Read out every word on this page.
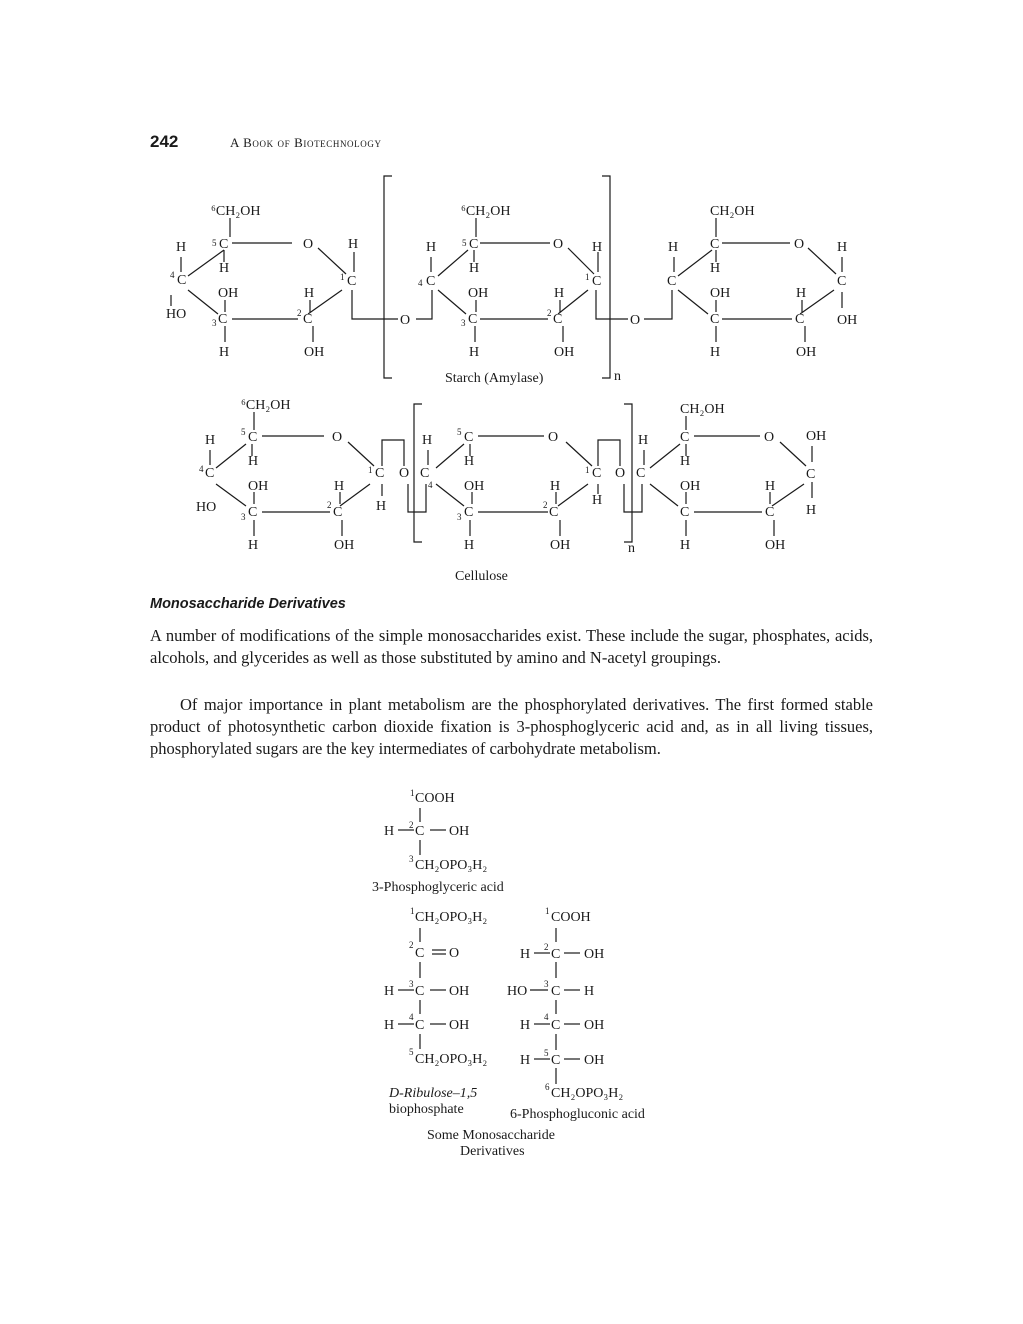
242	A Book of Biotechnology
⁶CH₂OH
H	5 C	O H
H
4 C	1 C
OH	H
HO
3 C	2 C
H	OH
O
⁶CH₂OH
H	5 C	O H
H
4 C	1 C
OH	H
3 C	2 C
H	OH
O
CH₂OH
H C	O H
H
C	C
OH	H
C	C OH
H	OH
n
Starch (Amylase)
⁶CH₂OH
H
5 C	O
H
4 C	1 C O C
OH	H
H
HO
3 C	2 C
H	OH
H
5 C	O
H
4
1 C O C
OH	H
H
3 C	2 C
H	OH	n
CH₂OH
H C	O OH
H
C
OH	H
H
C	C
H	OH
Cellulose
Monosaccharide Derivatives

A number of modifications of the simple monosaccharides exist. These include the sugar, phosphates, acids, alcohols, and glycerides as well as those substituted by amino and N-acetyl groupings.

Of major importance in plant metabolism are the phosphorylated derivatives. The first formed stable product of photosynthetic carbon dioxide fixation is 3-phosphoglyceric acid and, as in all living tissues, phosphorylated sugars are the key intermediates of carbohydrate metabolism.

1 COOH
H 2 C OH
3 CH₂OPO₃H₂
3-Phosphoglyceric acid
1 CH₂OPO₃H₂
2
C O
H 3 C OH
H
4
C OH
5 CH₂OPO₃H₂
D-Ribulose–1,5
biophosphate
1 COOH
H 2 C OH
HO 3 C H
H
4
C OH
H 5 C OH
6 CH₂OPO₃H₂
6-Phosphogluconic acid
Some Monosaccharide
Derivatives
